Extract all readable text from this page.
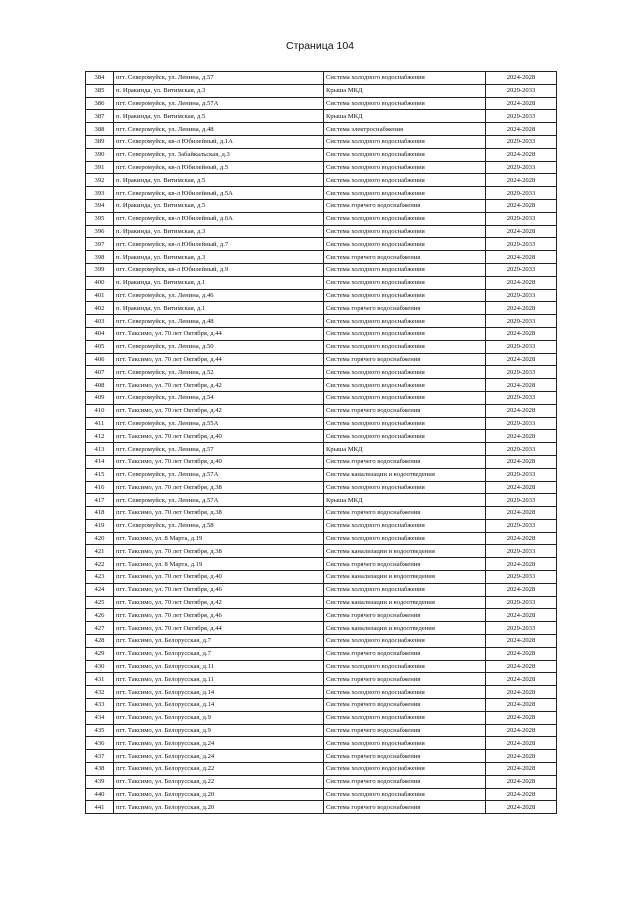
Страница 104
384	пгт. Северомуйск, ул. Ленина, д.57	Система холодного водоснабжения	2024-2028
385	п. Иракинда, ул. Витимская, д.3	Крыша МКД	2029-2033
386	пгт. Северомуйск, ул. Ленина, д.57А	Система холодного водоснабжения	2024-2028
387	п. Иракинда, ул. Витимская, д.5	Крыша МКД	2029-2033
388	пгт. Северомуйск, ул. Ленина, д.48	Система электроснабжения	2024-2028
389	пгт. Северомуйск, кв-л Юбилейный, д.1А	Система холодного водоснабжения	2029-2033
390	пгт. Северомуйск, ул. Забайкальская, д.3	Система холодного водоснабжения	2024-2028
391	пгт. Северомуйск, кв-л Юбилейный, д.5	Система холодного водоснабжения	2029-2033
392	п. Иракинда, ул. Витимская, д.5	Система холодного водоснабжения	2024-2028
393	пгт. Северомуйск, кв-л Юбилейный, д.5А	Система холодного водоснабжения	2029-2033
394	п. Иракинда, ул. Витимская, д.5	Система горячего водоснабжения	2024-2028
395	пгт. Северомуйск, кв-л Юбилейный, д.6А	Система холодного водоснабжения	2029-2033
396	п. Иракинда, ул. Витимская, д.3	Система холодного водоснабжения	2024-2028
397	пгт. Северомуйск, кв-л Юбилейный, д.7	Система холодного водоснабжения	2029-2033
398	п. Иракинда, ул. Витимская, д.3	Система горячего водоснабжения	2024-2028
399	пгт. Северомуйск, кв-л Юбилейный, д.9	Система холодного водоснабжения	2029-2033
400	п. Иракинда, ул. Витимская, д.1	Система холодного водоснабжения	2024-2028
401	пгт. Северомуйск, ул. Ленина, д.46	Система холодного водоснабжения	2029-2033
402	п. Иракинда, ул. Витимская, д.1	Система горячего водоснабжения	2024-2028
403	пгт. Северомуйск, ул. Ленина, д.48	Система холодного водоснабжения	2029-2033
404	пгт. Таксимо, ул. 70 лет Октября, д.44	Система холодного водоснабжения	2024-2028
405	пгт. Северомуйск, ул. Ленина, д.50	Система холодного водоснабжения	2029-2033
406	пгт. Таксимо, ул. 70 лет Октября, д.44	Система горячего водоснабжения	2024-2028
407	пгт. Северомуйск, ул. Ленина, д.52	Система холодного водоснабжения	2029-2033
408	пгт. Таксимо, ул. 70 лет Октября, д.42	Система холодного водоснабжения	2024-2028
409	пгт. Северомуйск, ул. Ленина, д.54	Система холодного водоснабжения	2029-2033
410	пгт. Таксимо, ул. 70 лет Октября, д.42	Система горячего водоснабжения	2024-2028
411	пгт. Северомуйск, ул. Ленина, д.55А	Система холодного водоснабжения	2029-2033
412	пгт. Таксимо, ул. 70 лет Октября, д.40	Система холодного водоснабжения	2024-2028
413	пгт. Северомуйск, ул. Ленина, д.57	Крыша МКД	2029-2033
414	пгт. Таксимо, ул. 70 лет Октября, д.40	Система горячего водоснабжения	2024-2028
415	пгт. Северомуйск, ул. Ленина, д.57А	Система канализации и водоотведения	2029-2033
416	пгт. Таксимо, ул. 70 лет Октября, д.38	Система холодного водоснабжения	2024-2028
417	пгт. Северомуйск, ул. Ленина, д.57А	Крыша МКД	2029-2033
418	пгт. Таксимо, ул. 70 лет Октября, д.38	Система горячего водоснабжения	2024-2028
419	пгт. Северомуйск, ул. Ленина, д.58	Система холодного водоснабжения	2029-2033
420	пгт. Таксимо, ул. 8 Марта, д.19	Система холодного водоснабжения	2024-2028
421	пгт. Таксимо, ул. 70 лет Октября, д.38	Система канализации и водоотведения	2029-2033
422	пгт. Таксимо, ул. 8 Марта, д.19	Система горячего водоснабжения	2024-2028
423	пгт. Таксимо, ул. 70 лет Октября, д.40	Система канализации и водоотведения	2029-2033
424	пгт. Таксимо, ул. 70 лет Октября, д.46	Система холодного водоснабжения	2024-2028
425	пгт. Таксимо, ул. 70 лет Октября, д.42	Система канализации и водоотведения	2029-2033
426	пгт. Таксимо, ул. 70 лет Октября, д.46	Система горячего водоснабжения	2024-2028
427	пгт. Таксимо, ул. 70 лет Октября, д.44	Система канализации и водоотведения	2029-2033
428	пгт. Таксимо, ул. Белорусская, д.7	Система холодного водоснабжения	2024-2028
429	пгт. Таксимо, ул. Белорусская, д.7	Система горячего водоснабжения	2024-2028
430	пгт. Таксимо, ул. Белорусская, д.11	Система холодного водоснабжения	2024-2028
431	пгт. Таксимо, ул. Белорусская, д.11	Система горячего водоснабжения	2024-2028
432	пгт. Таксимо, ул. Белорусская, д.14	Система холодного водоснабжения	2024-2028
433	пгт. Таксимо, ул. Белорусская, д.14	Система горячего водоснабжения	2024-2028
434	пгт. Таксимо, ул. Белорусская, д.9	Система холодного водоснабжения	2024-2028
435	пгт. Таксимо, ул. Белорусская, д.9	Система горячего водоснабжения	2024-2028
436	пгт. Таксимо, ул. Белорусская, д.24	Система холодного водоснабжения	2024-2028
437	пгт. Таксимо, ул. Белорусская, д.24	Система горячего водоснабжения	2024-2028
438	пгт. Таксимо, ул. Белорусская, д.22	Система холодного водоснабжения	2024-2028
439	пгт. Таксимо, ул. Белорусская, д.22	Система горячего водоснабжения	2024-2028
440	пгт. Таксимо, ул. Белорусская, д.20	Система холодного водоснабжения	2024-2028
441	пгт. Таксимо, ул. Белорусская, д.20	Система горячего водоснабжения	2024-2028
